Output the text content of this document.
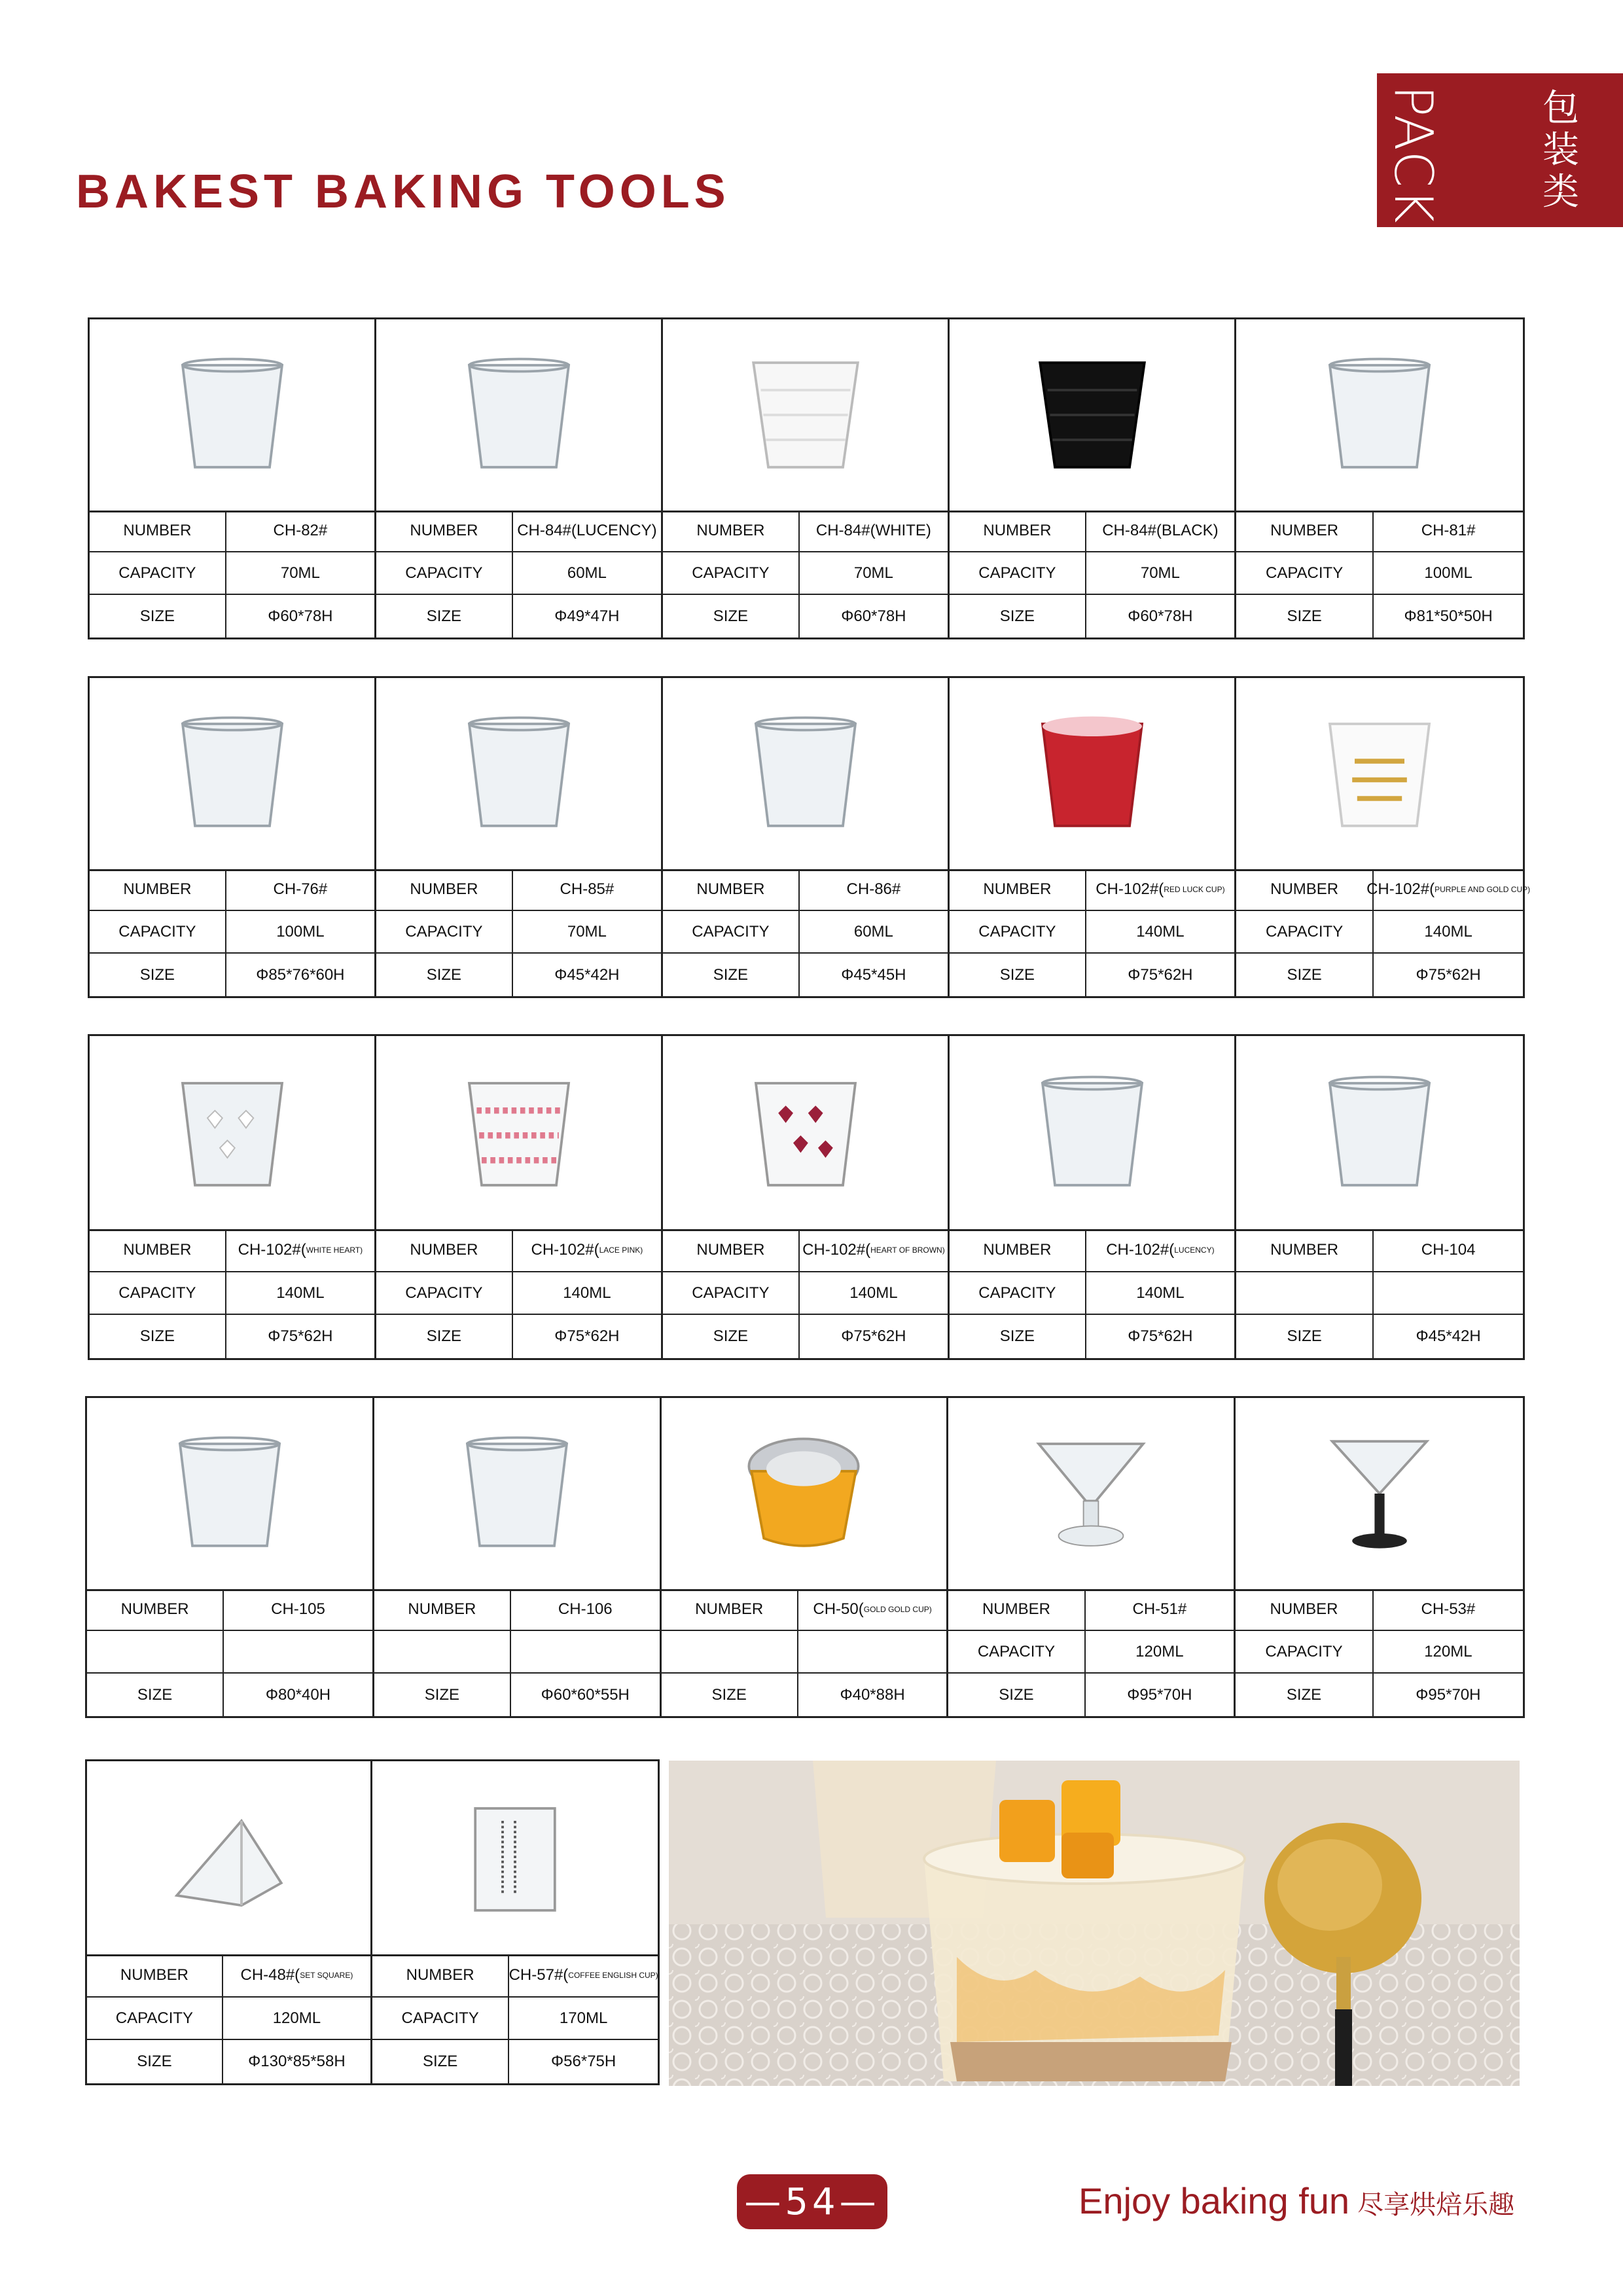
BAKEST BAKING TOOLS	PACK	包装类
NUMBER	CH-82#
CAPACITY	70ML
SIZE	Φ60*78H
NUMBER	CH-84#(LUCENCY)
CAPACITY	60ML
SIZE	Φ49*47H
NUMBER	CH-84#(WHITE)
CAPACITY	70ML
SIZE	Φ60*78H
NUMBER	CH-84#(BLACK)
CAPACITY	70ML
SIZE	Φ60*78H
NUMBER	CH-81#
CAPACITY	100ML
SIZE	Φ81*50*50H
NUMBER	CH-76#
CAPACITY	100ML
SIZE	Φ85*76*60H
NUMBER	CH-85#
CAPACITY	70ML
SIZE	Φ45*42H
NUMBER	CH-86#
CAPACITY	60ML
SIZE	Φ45*45H
NUMBER	CH-102#( RED LUCK CUP)
CAPACITY	140ML
SIZE	Φ75*62H
NUMBER	CH-102#( PURPLE AND GOLD CUP)
CAPACITY	140ML
SIZE	Φ75*62H
NUMBER	CH-102#( WHITE HEART)
CAPACITY	140ML
SIZE	Φ75*62H
NUMBER	CH-102#( LACE PINK)
CAPACITY	140ML
SIZE	Φ75*62H
NUMBER	CH-102#( HEART OF BROWN)
CAPACITY	140ML
SIZE	Φ75*62H
NUMBER	CH-102#( LUCENCY)
CAPACITY	140ML
SIZE	Φ75*62H
NUMBER	CH-104
SIZE	Φ45*42H
NUMBER	CH-105
SIZE	Φ80*40H
NUMBER	CH-106
SIZE	Φ60*60*55H
NUMBER	CH-50( GOLD GOLD CUP)
SIZE	Φ40*88H
NUMBER	CH-51#
CAPACITY	120ML
SIZE	Φ95*70H
NUMBER	CH-53#
CAPACITY	120ML
SIZE	Φ95*70H
NUMBER	CH-48#( SET SQUARE)
CAPACITY	120ML
SIZE	Φ130*85*58H
NUMBER	CH-57#( COFFEE ENGLISH CUP)
CAPACITY	170ML
SIZE	Φ56*75H
—54—	Enjoy baking fun 尽享烘焙乐趣
